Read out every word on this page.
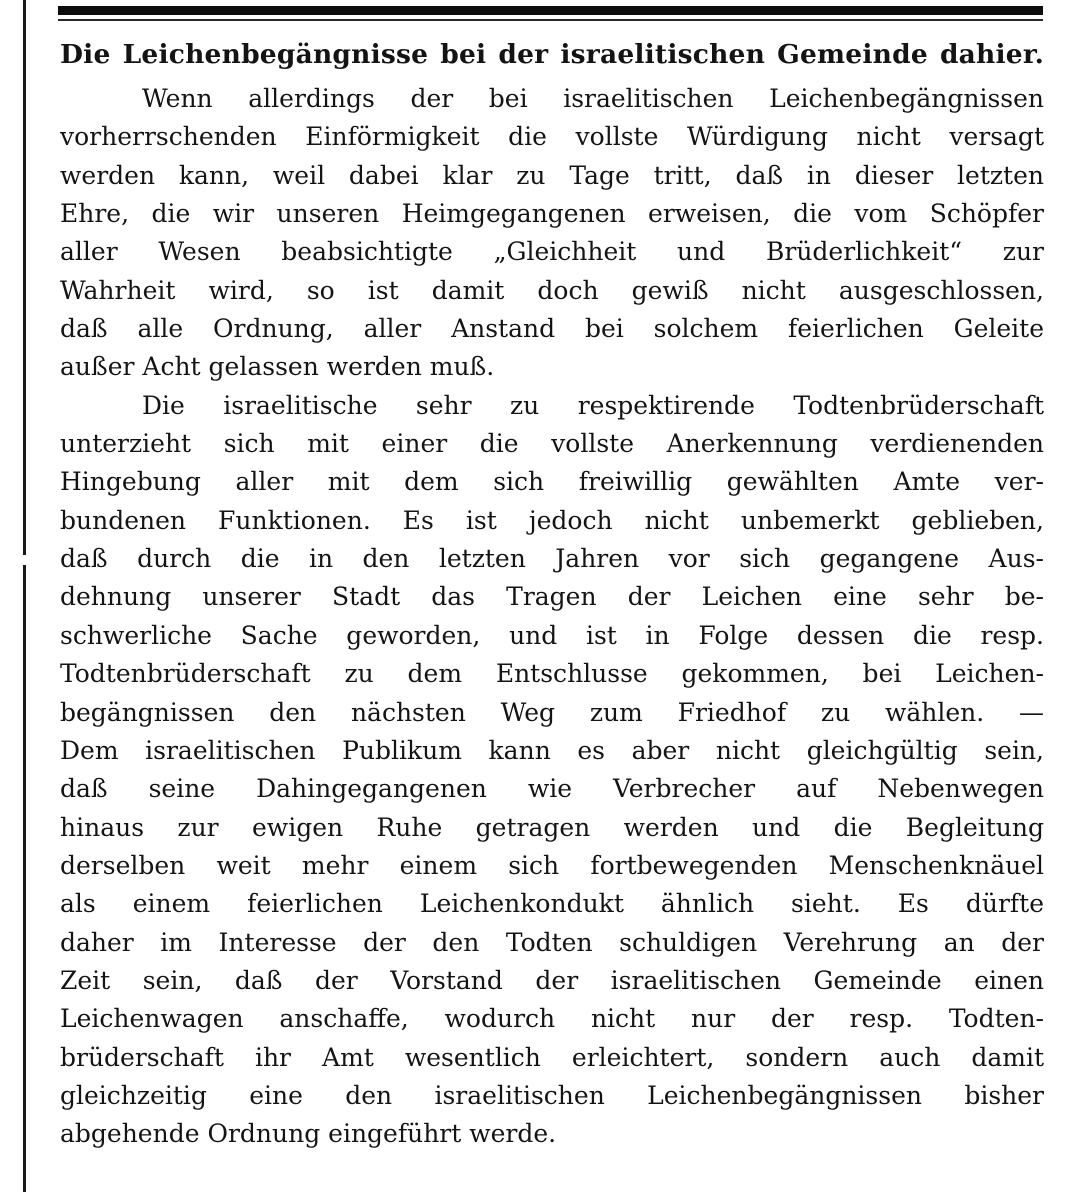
Die Leichenbegängnisse bei der israelitischen Gemeinde dahier.

Wenn allerdings der bei israelitischen Leichenbegängnissen
vorherrschenden Einförmigkeit die vollste Würdigung nicht versagt
werden kann, weil dabei klar zu Tage tritt, daß in dieser letzten
Ehre, die wir unseren Heimgegangenen erweisen, die vom Schöpfer
aller Wesen beabsichtigte „Gleichheit und Brüderlichkeit“ zur
Wahrheit wird, so ist damit doch gewiß nicht ausgeschlossen,
daß alle Ordnung, aller Anstand bei solchem feierlichen Geleite
außer Acht gelassen werden muß.

Die israelitische sehr zu respektirende Todtenbrüderschaft
unterzieht sich mit einer die vollste Anerkennung verdienenden
Hingebung aller mit dem sich freiwillig gewählten Amte ver-
bundenen Funktionen. Es ist jedoch nicht unbemerkt geblieben,
daß durch die in den letzten Jahren vor sich gegangene Aus-
dehnung unserer Stadt das Tragen der Leichen eine sehr be-
schwerliche Sache geworden, und ist in Folge dessen die resp.
Todtenbrüderschaft zu dem Entschlusse gekommen, bei Leichen-
begängnissen den nächsten Weg zum Friedhof zu wählen. —
Dem israelitischen Publikum kann es aber nicht gleichgültig sein,
daß seine Dahingegangenen wie Verbrecher auf Nebenwegen
hinaus zur ewigen Ruhe getragen werden und die Begleitung
derselben weit mehr einem sich fortbewegenden Menschenknäuel
als einem feierlichen Leichenkondukt ähnlich sieht. Es dürfte
daher im Interesse der den Todten schuldigen Verehrung an der
Zeit sein, daß der Vorstand der israelitischen Gemeinde einen
Leichenwagen anschaffe, wodurch nicht nur der resp. Todten-
brüderschaft ihr Amt wesentlich erleichtert, sondern auch damit
gleichzeitig eine den israelitischen Leichenbegängnissen bisher
abgehende Ordnung eingeführt werde.
